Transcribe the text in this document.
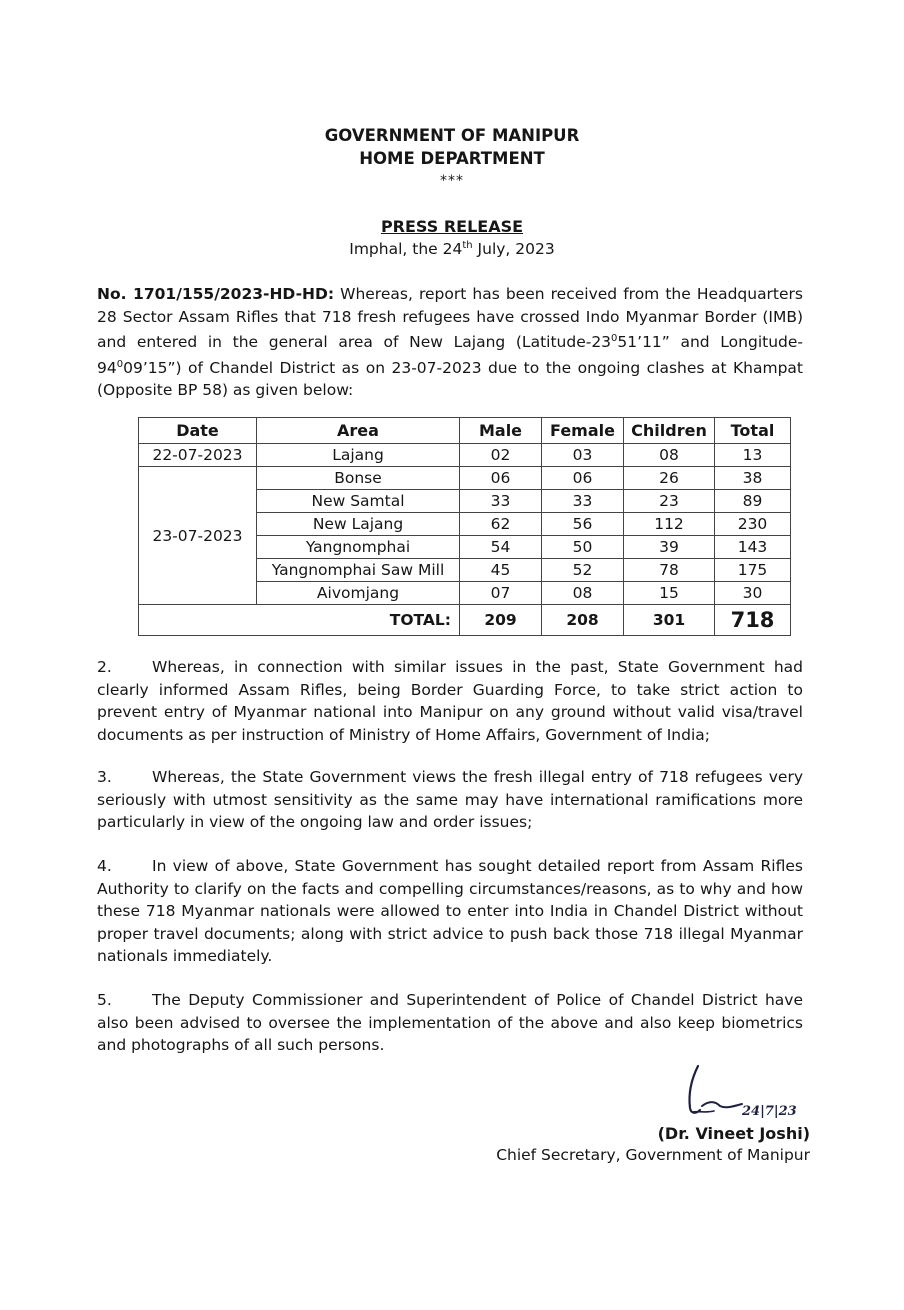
GOVERNMENT OF MANIPUR
HOME DEPARTMENT
***
PRESS RELEASE
Imphal, the 24th July, 2023

No. 1701/155/2023-HD-HD: Whereas, report has been received from the Headquarters 28 Sector Assam Rifles that 718 fresh refugees have crossed Indo Myanmar Border (IMB) and entered in the general area of New Lajang ($Latitude-23^051’11$” and Longitude- $94^009’15$”) of Chandel District as on 23-07-2023 due to the ongoing clashes at Khampat (Opposite BP 58) as given below:

Date	Area	Male	Female	Children	Total
22-07-2023	Lajang	02	03	08	13
23-07-2023	Bonse	06	06	26	38
	New Samtal	33	33	23	89
	New Lajang	62	56	112	230
	Yangnomphai	54	50	39	143
	Yangnomphai Saw Mill	45	52	78	175
	Aivomjang	07	08	15	30
TOTAL:		209	208	301	718

2.	Whereas, in connection with similar issues in the past, State Government had clearly informed Assam Rifles, being Border Guarding Force, to take strict action to prevent entry of Myanmar national into Manipur on any ground without valid visa/travel documents as per instruction of Ministry of Home Affairs, Government of India;

3.	Whereas, the State Government views the fresh illegal entry of 718 refugees very seriously with utmost sensitivity as the same may have international ramifications more particularly in view of the ongoing law and order issues;

4.	In view of above, State Government has sought detailed report from Assam Rifles Authority to clarify on the facts and compelling circumstances/reasons, as to why and how these 718 Myanmar nationals were allowed to enter into India in Chandel District without proper travel documents; along with strict advice to push back those 718 illegal Myanmar nationals immediately.

5.	The Deputy Commissioner and Superintendent of Police of Chandel District have also been advised to oversee the implementation of the above and also keep biometrics and photographs of all such persons.

24|7|23
(Dr. Vineet Joshi)
Chief Secretary, Government of Manipur
